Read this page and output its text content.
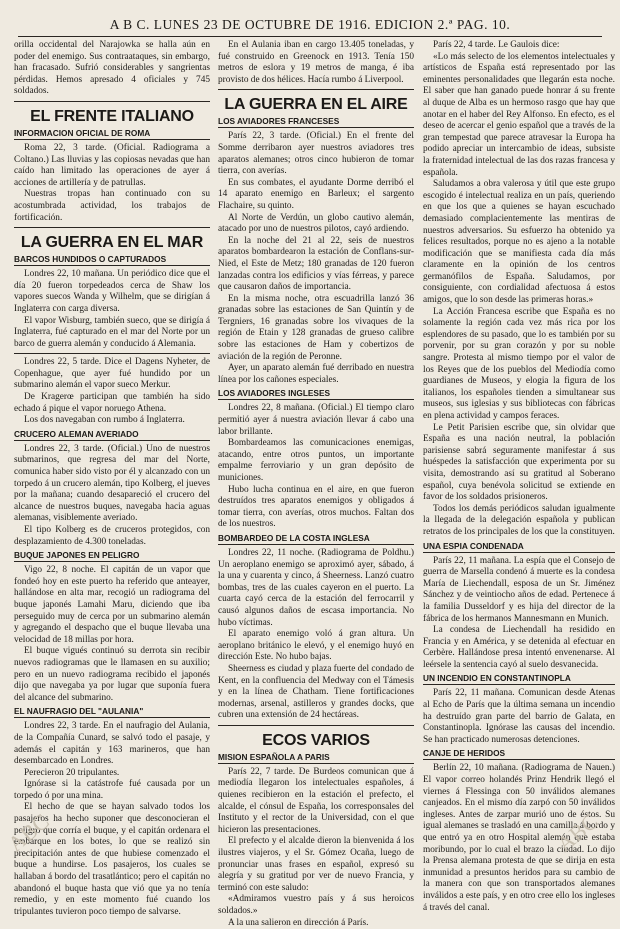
A B C. LUNES 23 DE OCTUBRE DE 1916. EDICION 2.ª PAG. 10.

orilla occidental del Narajowka se halla aún en poder del enemigo. Sus contraataques, sin embargo, han fracasado. Sufrió considerables y sangrientas pérdidas. Hemos apresado 4 oficiales y 745 soldados.

EL FRENTE ITALIANO
INFORMACION OFICIAL DE ROMA

Roma 22, 3 tarde. (Oficial. Radiograma a Coltano.) Las lluvias y las copiosas nevadas que han caído han limitado las operaciones de ayer á acciones de artillería y de patrullas.

Nuestras tropas han continuado con su acostumbrada actividad, los trabajos de fortificación.

LA GUERRA EN EL MAR
BARCOS HUNDIDOS O CAPTURADOS

Londres 22, 10 mañana. Un periódico dice que el día 20 fueron torpedeados cerca de Shaw los vapores suecos Wanda y Wilhelm, que se dirigían á Inglaterra con carga diversa.

El vapor Wisburg, también sueco, que se dirigía á Inglaterra, fué capturado en el mar del Norte por un barco de guerra alemán y conducido á Alemania.

Londres 22, 5 tarde. Dice el Dagens Nyheter, de Copenhague, que ayer fué hundido por un submarino alemán el vapor sueco Merkur.

De Kragerœ participan que también ha sido echado á pique el vapor noruego Athena.

Los dos navegaban con rumbo á Inglaterra.

CRUCERO ALEMAN AVERIADO

Londres 22, 3 tarde. (Oficial.) Uno de nuestros submarinos, que regresa del mar del Norte, comunica haber sido visto por él y alcanzado con un torpedo á un crucero alemán, tipo Kolberg, el jueves por la mañana; cuando desapareció el crucero del alcance de nuestros buques, navegaba hacia aguas alemanas, visiblemente averiado.

El tipo Kolberg es de cruceros protegidos, con desplazamiento de 4.300 toneladas.

BUQUE JAPONES EN PELIGRO

Vigo 22, 8 noche. El capitán de un vapor que fondeó hoy en este puerto ha referido que anteayer, hallándose en alta mar, recogió un radiograma del buque japonés Lamahi Maru, diciendo que iba perseguido muy de cerca por un submarino alemán y agregando el despacho que el buque llevaba una velocidad de 18 millas por hora.

El buque vigués continuó su derrota sin recibir nuevos radiogramas que le llamasen en su auxilio; pero en un nuevo radiograma recibido el japonés dijo que navegaba ya por lugar que suponía fuera del alcance del submarino.

EL NAUFRAGIO DEL "AULANIA"

Londres 22, 3 tarde. En el naufragio del Aulania, de la Compañía Cunard, se salvó todo el pasaje, y además el capitán y 163 marineros, que han desembarcado en Londres.

Perecieron 20 tripulantes.

Ignórase si la catástrofe fué causada por un torpedo ó por una mina.

El hecho de que se hayan salvado todos los pasajeros ha hecho suponer que desconocieran el peligro que corría el buque, y el capitán ordenara el embarque en los botes, lo que se realizó sin precipitación antes de que hubiese comenzado el buque a hundirse. Los pasajeros, los cuales se hallaban á bordo del trasatlántico; pero el capitán no abandonó el buque hasta que vió que ya no tenía remedio, y en este momento fué cuando los tripulantes tuvieron poco tiempo de salvarse.

En el Aulania iban en cargo 13.405 toneladas, y fué construido en Greenock en 1913. Tenía 150 metros de eslora y 19 metros de manga, é iba provisto de dos hélices. Hacía rumbo á Liverpool.

LA GUERRA EN EL AIRE
LOS AVIADORES FRANCESES

París 22, 3 tarde. (Oficial.) En el frente del Somme derribaron ayer nuestros aviadores tres aparatos alemanes; otros cinco hubieron de tomar tierra, con averías.

En sus combates, el ayudante Dorme derribó el 14 aparato enemigo en Barleux; el sargento Flachaire, su quinto.

Al Norte de Verdún, un globo cautivo alemán, atacado por uno de nuestros pilotos, cayó ardiendo.

En la noche del 21 al 22, seis de nuestros aparatos bombardearon la estación de Conflans-sur-Nied, el Este de Metz; 180 granadas de 120 fueron lanzadas contra los edificios y vías férreas, y parece que causaron daños de importancia.

En la misma noche, otra escuadrilla lanzó 36 granadas sobre las estaciones de San Quintín y de Tergniers, 16 granadas sobre los vivaques de la región de Etain y 128 granadas de grueso calibre sobre las estaciones de Ham y cobertizos de aviación de la región de Peronne.

Ayer, un aparato alemán fué derribado en nuestra línea por los cañones especiales.

LOS AVIADORES INGLESES

Londres 22, 8 mañana. (Oficial.) El tiempo claro permitió ayer á nuestra aviación llevar á cabo una labor brillante.

Bombardeamos las comunicaciones enemigas, atacando, entre otros puntos, un importante empalme ferroviario y un gran depósito de municiones.

Hubo lucha continua en el aire, en que fueron destruídos tres aparatos enemigos y obligados á tomar tierra, con averías, otros muchos. Faltan dos de los nuestros.

BOMBARDEO DE LA COSTA INGLESA

Londres 22, 11 noche. (Radiograma de Poldhu.) Un aeroplano enemigo se aproximó ayer, sábado, á la una y cuarenta y cinco, á Sheerness. Lanzó cuatro bombas, tres de las cuales cayeron en el puerto. La cuarta cayó cerca de la estación del ferrocarril y causó algunos daños de escasa importancia. No hubo víctimas.

El aparato enemigo voló á gran altura. Un aeroplano británico le elevó, y el enemigo huyó en dirección Este. No hubo bajas.

Sheerness es ciudad y plaza fuerte del condado de Kent, en la confluencia del Medway con el Támesis y en la línea de Chatham. Tiene fortificaciones modernas, arsenal, astilleros y grandes docks, que cubren una extensión de 24 hectáreas.

ECOS VARIOS
MISION ESPAÑOLA A PARIS

París 22, 7 tarde. De Burdeos comunican que á mediodía llegaron los intelectuales españoles, á quienes recibieron en la estación el prefecto, el alcalde, el cónsul de España, los corresponsales del Instituto y el rector de la Universidad, con el que hicieron las presentaciones.

El prefecto y el alcalde dieron la bienvenida á los ilustres viajeros, y el Sr. Gómez Ocaña, luego de pronunciar unas frases en español, expresó su alegría y su gratitud por ver de nuevo Francia, y terminó con este saludo:

«Admiramos vuestro país y á sus heroicos soldados.»

A la una salieron en dirección á París.

París 22, 4 tarde. Le Gaulois dice:

«Lo más selecto de los elementos intelectuales y artísticos de España está representado por las eminentes personalidades que llegarán esta noche. El saber que han ganado puede honrar á su frente al duque de Alba es un hermoso rasgo que hay que anotar en el haber del Rey Alfonso. En efecto, es el deseo de acercar el genio español que a través de la gran tempestad que parece atravesar la Europa ha podido apreciar un intercambio de ideas, subsiste la fraternidad intelectual de las dos razas francesa y española.

Saludamos a obra valerosa y útil que este grupo escogido é intelectual realiza en un país, queriendo en que los que a quienes se hayan escuchado demasiado complacientemente las mentiras de nuestros adversarios. Su esfuerzo ha obtenido ya felices resultados, porque no es ajeno a la notable modificación que se manifiesta cada día más claramente en la opinión de los centros germanófilos de España. Saludamos, por consiguiente, con cordialidad afectuosa á estos amigos, que lo son desde las primeras horas.»

La Acción Francesa escribe que España es no solamente la región cada vez más rica por los esplendores de su pasado, que lo es también por su porvenir, por su gran corazón y por su noble sangre. Protesta al mismo tiempo por el valor de los Reyes que de los pueblos del Mediodía como guardianes de Museos, y elogia la figura de los italianos, los españoles tienden a simultanear sus museos, sus iglesias y sus bibliotecas con fábricas en plena actividad y campos feraces.

Le Petit Parisien escribe que, sin olvidar que España es una nación neutral, la población parisiense sabrá seguramente manifestar á sus huéspedes la satisfacción que experimenta por su visita, demostrando así su gratitud al Soberano español, cuya benévola solicitud se extiende en favor de los soldados prisioneros.

Todos los demás periódicos saludan igualmente la llegada de la delegación española y publican retratos de los principales de los que la constituyen.

UNA ESPIA CONDENADA

París 22, 11 mañana. La espía que el Consejo de guerra de Marsella condenó á muerte es la condesa María de Liechendall, esposa de un Sr. Jiménez Sánchez y de veintiocho años de edad. Pertenece á la familia Dusseldorf y es hija del director de la fábrica de los hermanos Mannesmann en Munich.

La condesa de Liechendall ha residido en Francia y en América, y se detenida al efectuar en Cerbère. Hallándose presa intentó envenenarse. Al leérsele la sentencia cayó al suelo desvanecida.

UN INCENDIO EN CONSTANTINOPLA

París 22, 11 mañana. Comunican desde Atenas al Echo de París que la última semana un incendio ha destruído gran parte del barrio de Galata, en Constantinopla. Ignórase las causas del incendio. Se han practicado numerosas detenciones.

CANJE DE HERIDOS

Berlín 22, 10 mañana. (Radiograma de Nauen.) El vapor correo holandés Prinz Hendrik llegó el viernes á Flessinga con 50 inválidos alemanes canjeados. En el mismo día zarpó con 50 inválidos ingleses. Antes de zarpar murió uno de éstos. Su igual alemanes se trasladó en una camilla á bordo y que entró ya en otro Hospital alemán que estaba moribundo, por lo cual el brazo la ciudad. Lo dijo la Prensa alemana protesta de que se dirija en esta inmunidad a presuntos heridos para su cambio de la manera con que son transportados alemanes inválidos a este país, y en otro cree ello los ingleses á través del canal.

ABC	ABC
